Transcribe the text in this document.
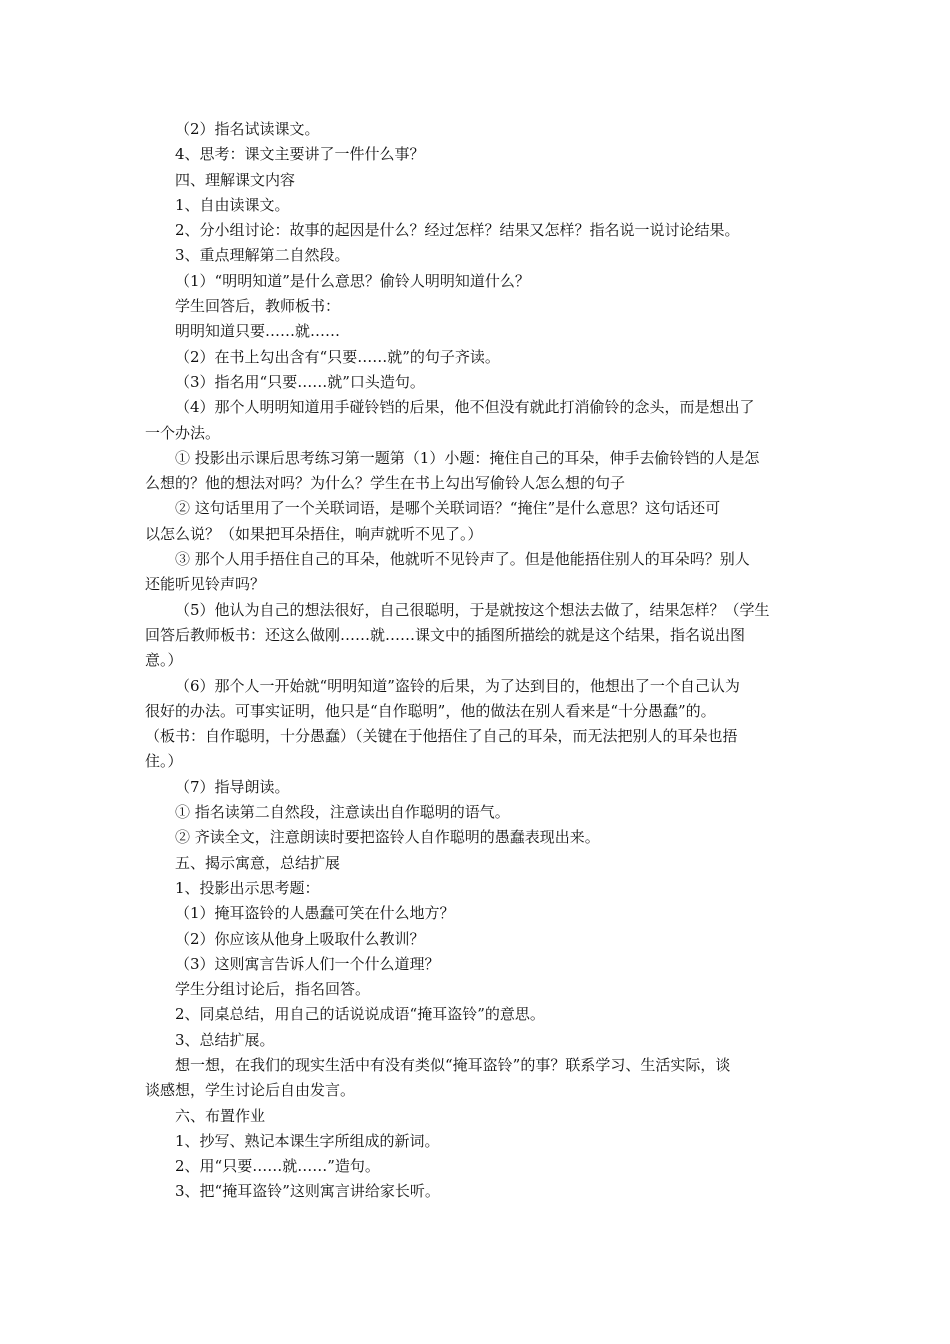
（2）指名试读课文。
4、思考：课文主要讲了一件什么事？
四、理解课文内容
1、自由读课文。
2、分小组讨论：故事的起因是什么？经过怎样？结果又怎样？指名说一说讨论结果。
3、重点理解第二自然段。
（1）“明明知道”是什么意思？偷铃人明明知道什么？
学生回答后，教师板书：
明明知道只要……就……
（2）在书上勾出含有“只要……就”的句子齐读。
（3）指名用“只要……就”口头造句。
（4）那个人明明知道用手碰铃铛的后果，他不但没有就此打消偷铃的念头，而是想出了
一个办法。
① 投影出示课后思考练习第一题第（1）小题：掩住自己的耳朵，伸手去偷铃铛的人是怎
么想的？他的想法对吗？为什么？学生在书上勾出写偷铃人怎么想的句子
② 这句话里用了一个关联词语，是哪个关联词语？“掩住”是什么意思？这句话还可
以怎么说？（如果把耳朵捂住，响声就听不见了。）
③ 那个人用手捂住自己的耳朵，他就听不见铃声了。但是他能捂住别人的耳朵吗？别人
还能听见铃声吗？
（5）他认为自己的想法很好，自己很聪明，于是就按这个想法去做了，结果怎样？（学生
回答后教师板书：还这么做刚……就……课文中的插图所描绘的就是这个结果，指名说出图
意。）
（6）那个人一开始就“明明知道”盗铃的后果，为了达到目的，他想出了一个自己认为
很好的办法。可事实证明，他只是“自作聪明”，他的做法在别人看来是“十分愚蠢”的。
（板书：自作聪明，十分愚蠢）（关键在于他捂住了自己的耳朵，而无法把别人的耳朵也捂
住。）
（7）指导朗读。
① 指名读第二自然段，注意读出自作聪明的语气。
② 齐读全文，注意朗读时要把盗铃人自作聪明的愚蠢表现出来。
五、揭示寓意，总结扩展
1、投影出示思考题：
（1）掩耳盗铃的人愚蠢可笑在什么地方？
（2）你应该从他身上吸取什么教训？
（3）这则寓言告诉人们一个什么道理？
学生分组讨论后，指名回答。
2、同桌总结，用自己的话说说成语“掩耳盗铃”的意思。
3、总结扩展。
想一想，在我们的现实生活中有没有类似“掩耳盗铃”的事？联系学习、生活实际，谈
谈感想，学生讨论后自由发言。
六、布置作业
1、抄写、熟记本课生字所组成的新词。
2、用“只要……就……”造句。
3、把“掩耳盗铃”这则寓言讲给家长听。
